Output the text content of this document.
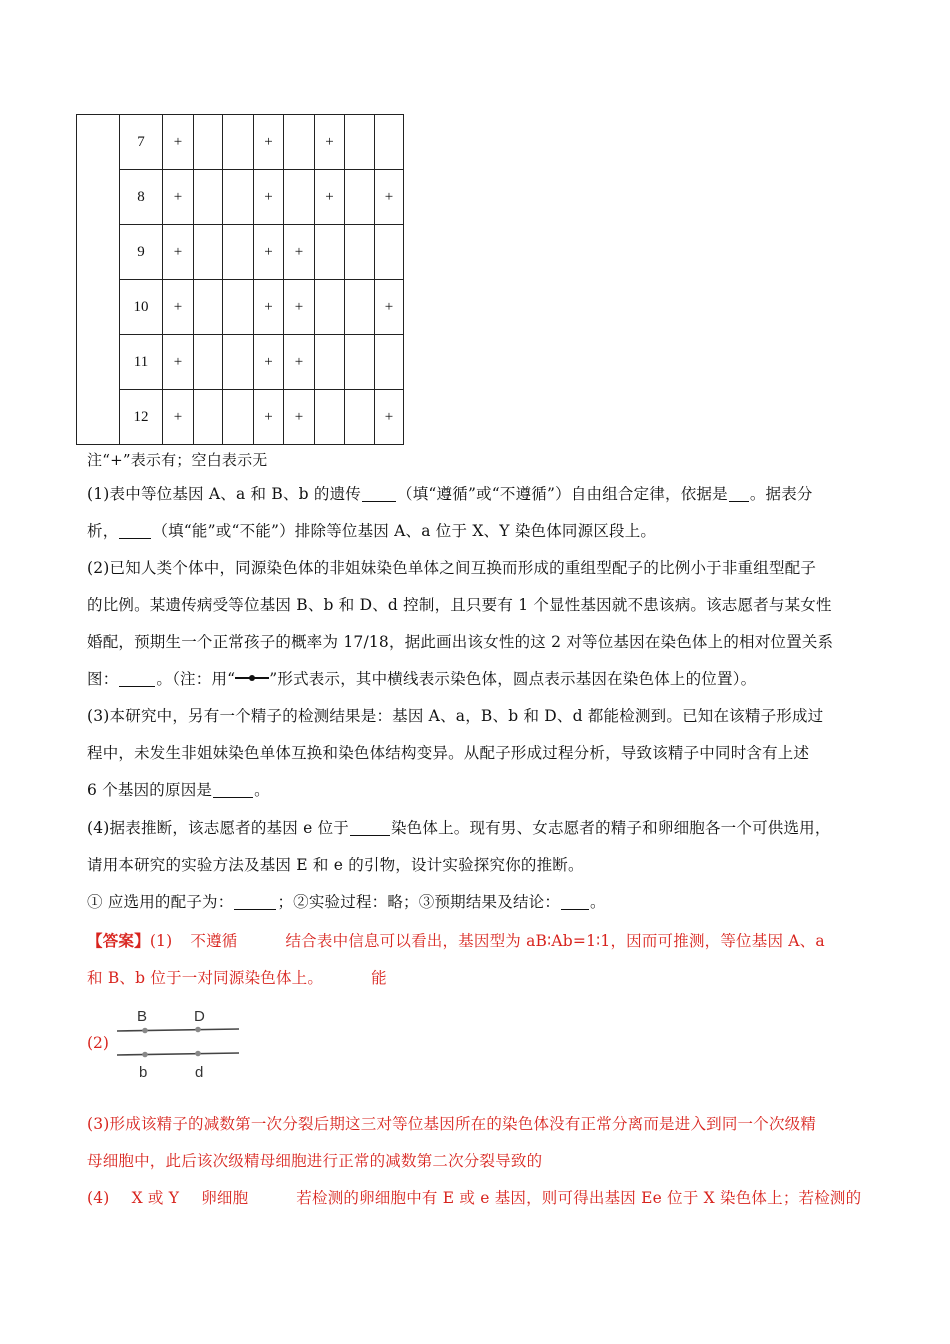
	7	+			+		+		
	8	+			+		+		+
	9	+			+	+			
	10	+			+	+			+
	11	+			+	+			
	12	+			+	+			+
注“+”表示有；空白表示无
(1)表中等位基因 A、a 和 B、b 的遗传 （填“遵循”或“不遵循”）自由组合定律，依据是 。据表分
析， （填“能”或“不能”）排除等位基因 A、a 位于 X、Y 染色体同源区段上。
(2)已知人类个体中，同源染色体的非姐妹染色单体之间互换而形成的重组型配子的比例小于非重组型配子
的比例。某遗传病受等位基因 B、b 和 D、d 控制，且只要有 1 个显性基因就不患该病。该志愿者与某女性
婚配，预期生一个正常孩子的概率为 17/18，据此画出该女性的这 2 对等位基因在染色体上的相对位置关系
图： 。（注：用“ ”形式表示，其中横线表示染色体，圆点表示基因在染色体上的位置）。
(3)本研究中，另有一个精子的检测结果是：基因 A、a，B、b 和 D、d 都能检测到。已知在该精子形成过
程中，未发生非姐妹染色单体互换和染色体结构变异。从配子形成过程分析，导致该精子中同时含有上述
6 个基因的原因是	。
(4)据表推断，该志愿者的基因 e 位于	染色体上。现有男、女志愿者的精子和卵细胞各一个可供选用，
请用本研究的实验方法及基因 E 和 e 的引物，设计实验探究你的推断。
① 应选用的配子为：	；②实验过程：略；③预期结果及结论： 。
【答案】(1) 不遵循	结合表中信息可以看出，基因型为 aB∶Ab=1∶1，因而可推测，等位基因 A、a
和 B、b 位于一对同源染色体上。	能
(2)
B	D
b	d
(3)形成该精子的减数第一次分裂后期这三对等位基因所在的染色体没有正常分离而是进入到同一个次级精
母细胞中，此后该次级精母细胞进行正常的减数第二次分裂导致的
(4) X 或 Y 卵细胞	若检测的卵细胞中有 E 或 e 基因，则可得出基因 Ee 位于 X 染色体上；若检测的
